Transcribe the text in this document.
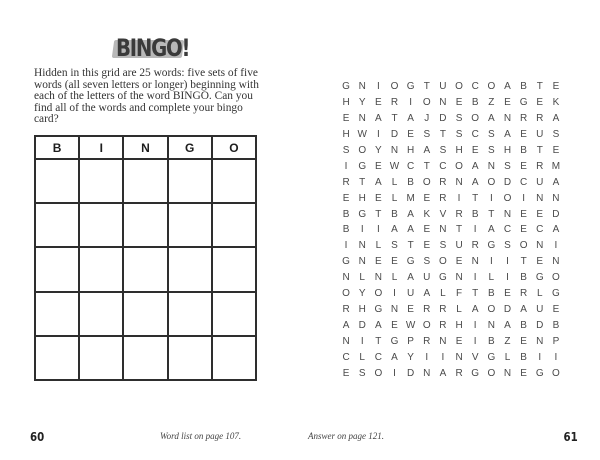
BINGO!
Hidden in this grid are 25 words: five sets of five words (all seven letters or longer) beginning with each of the letters of the word BINGO. Can you find all of the words and complete your bingo card?
B	I	N	G	O

60	Word list on page 107.
G N	I	O G T U O C O A B T E
H Y E R	I	O N E B Z E G E K
E N A T A	J	D S O A N R R A
H W	I	D E S T S C S A E U S
S O Y N H A S H E S H B T E
I	G E W C T C O A N S E R M
R T A	L	B O R N A O D C U A
E H E	L M E R	I	T	I	O	I	N N
B G T B A K V R B T N E E D
B	I	I	A A E N T	I	A C E C A
I	N L	S T E S U R G S O N	I
G N E E G S O E N	I	I	T E N
N L N L	A U G N	I	L	I	B G O
O Y O	I	U A	L	F	T B E R L G
R H G N E R R L	A O D A U E
A D A E W O R H	I	N A B D B
N	I	T G P R N E	I	B Z E N P
C L C A Y	I	I	N V G L	B	I	I
E S O	I	D N A R G O N E G O
Answer on page 121.	61
